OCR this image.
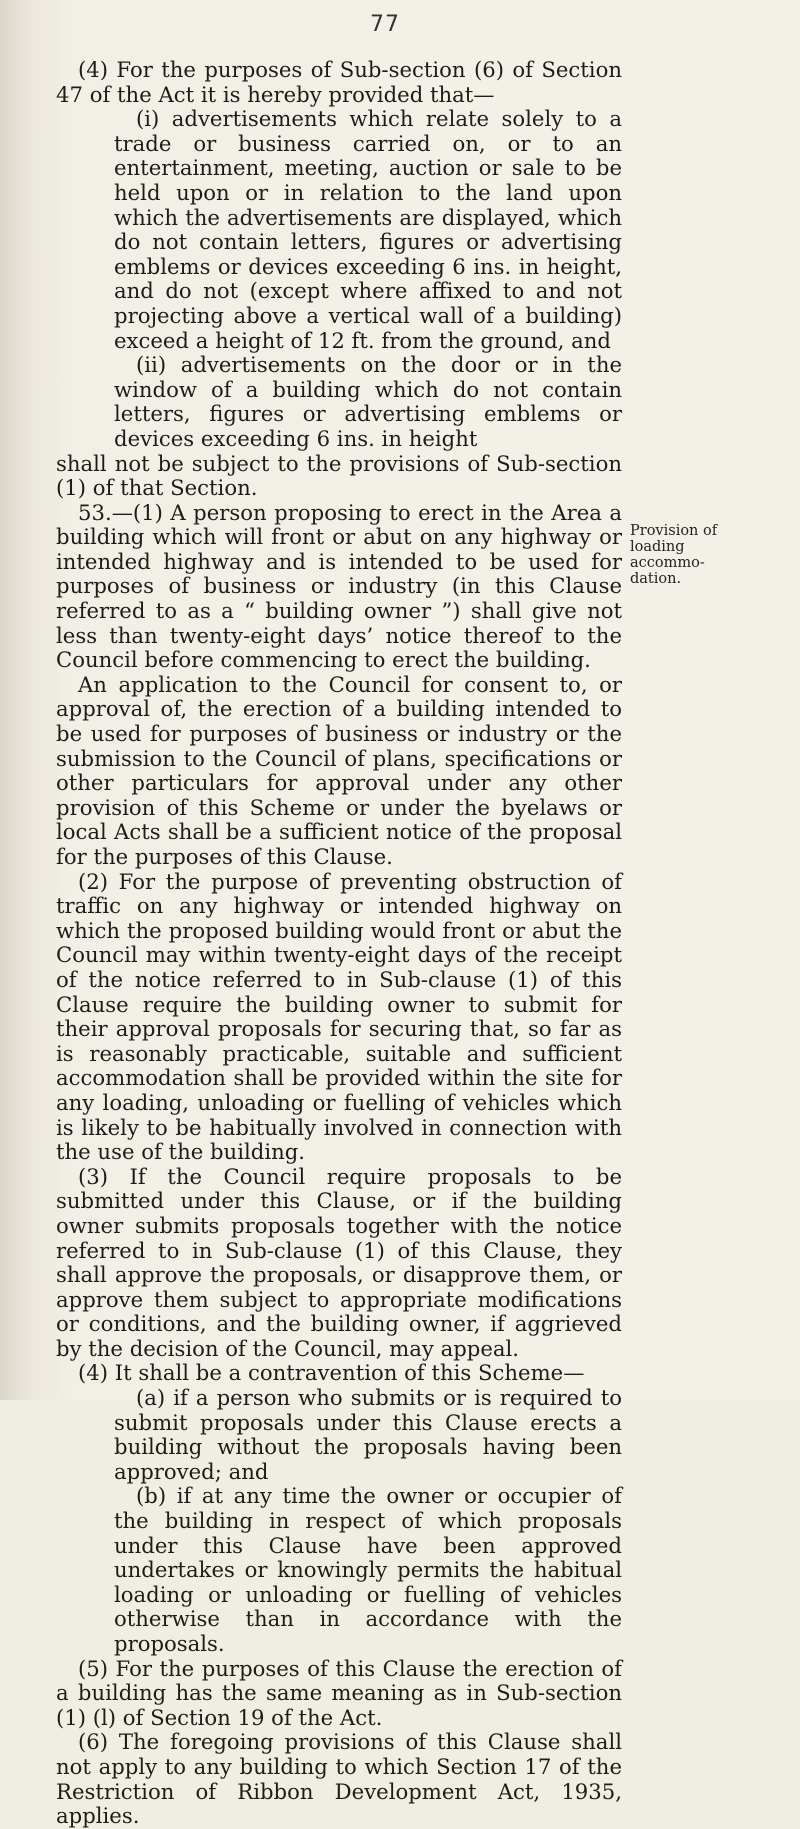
77

(4) For the purposes of Sub-section (6) of Section 47 of the Act it is hereby provided that—

(i) advertisements which relate solely to a trade or business carried on, or to an entertainment, meeting, auction or sale to be held upon or in relation to the land upon which the advertisements are displayed, which do not contain letters, figures or advertising emblems or devices exceeding 6 ins. in height, and do not (except where affixed to and not projecting above a vertical wall of a building) exceed a height of 12 ft. from the ground, and

(ii) advertisements on the door or in the window of a building which do not contain letters, figures or advertising emblems or devices exceeding 6 ins. in height

shall not be subject to the provisions of Sub-section (1) of that Section.

53.—(1) A person proposing to erect in the Area a building which will front or abut on any highway or intended highway and is intended to be used for purposes of business or industry (in this Clause referred to as a “ building owner ”) shall give not less than twenty-eight days’ notice thereof to the Council before commencing to erect the building.

An application to the Council for consent to, or approval of, the erection of a building intended to be used for purposes of business or industry or the submission to the Council of plans, specifications or other particulars for approval under any other provision of this Scheme or under the byelaws or local Acts shall be a sufficient notice of the proposal for the purposes of this Clause.

(2) For the purpose of preventing obstruction of traffic on any highway or intended highway on which the proposed building would front or abut the Council may within twenty-eight days of the receipt of the notice referred to in Sub-clause (1) of this Clause require the building owner to submit for their approval proposals for securing that, so far as is reasonably practicable, suitable and sufficient accommodation shall be provided within the site for any loading, unloading or fuelling of vehicles which is likely to be habitually involved in connection with the use of the building.

(3) If the Council require proposals to be submitted under this Clause, or if the building owner submits proposals together with the notice referred to in Sub-clause (1) of this Clause, they shall approve the proposals, or disapprove them, or approve them subject to appropriate modifications or conditions, and the building owner, if aggrieved by the decision of the Council, may appeal.

(4) It shall be a contravention of this Scheme—

(a) if a person who submits or is required to submit proposals under this Clause erects a building without the proposals having been approved; and

(b) if at any time the owner or occupier of the building in respect of which proposals under this Clause have been approved undertakes or knowingly permits the habitual loading or unloading or fuelling of vehicles otherwise than in accordance with the proposals.

(5) For the purposes of this Clause the erection of a building has the same meaning as in Sub-section (1) (l) of Section 19 of the Act.

(6) The foregoing provisions of this Clause shall not apply to any building to which Section 17 of the Restriction of Ribbon Development Act, 1935, applies.

Provision of
loading
accommo-
dation.
